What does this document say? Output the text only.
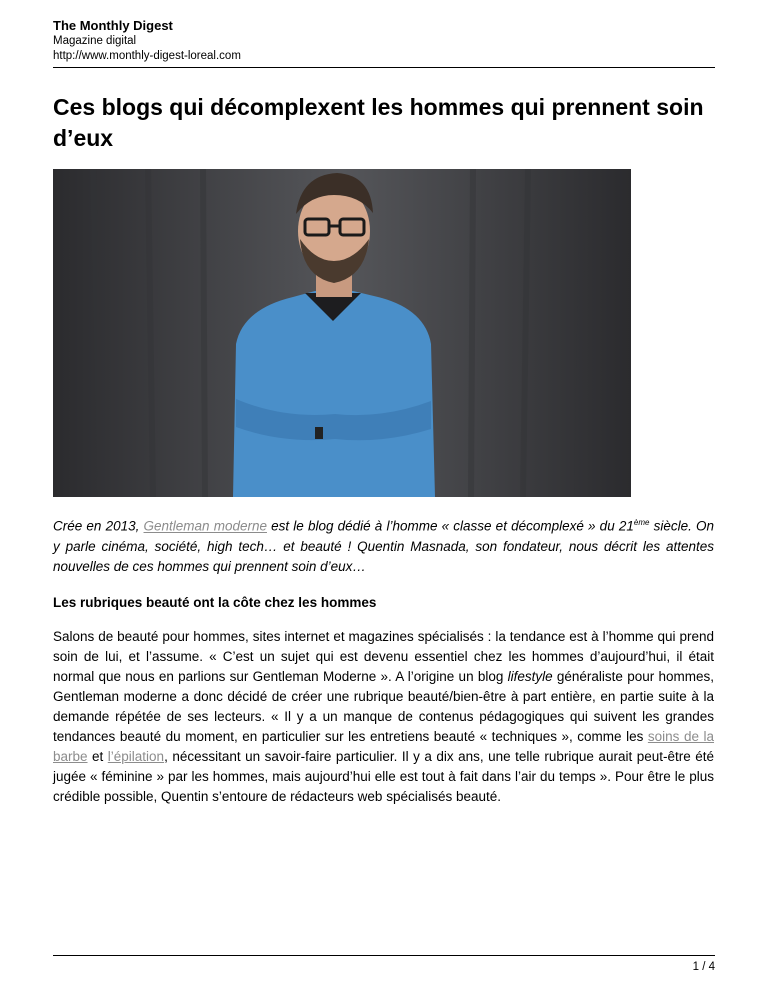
The Monthly Digest
Magazine digital
http://www.monthly-digest-loreal.com
Ces blogs qui décomplexent les hommes qui prennent soin d’eux

Crée en 2013, Gentleman moderne est le blog dédié à l’homme « classe et décomplexé » du 21ème siècle. On y parle cinéma, société, high tech… et beauté ! Quentin Masnada, son fondateur, nous décrit les attentes nouvelles de ces hommes qui prennent soin d’eux…

Les rubriques beauté ont la côte chez les hommes

Salons de beauté pour hommes, sites internet et magazines spécialisés : la tendance est à l’homme qui prend soin de lui, et l’assume. « C’est un sujet qui est devenu essentiel chez les hommes d’aujourd’hui, il était normal que nous en parlions sur Gentleman Moderne ». A l’origine un blog lifestyle généraliste pour hommes, Gentleman moderne a donc décidé de créer une rubrique beauté/bien-être à part entière, en partie suite à la demande répétée de ses lecteurs. « Il y a un manque de contenus pédagogiques qui suivent les grandes tendances beauté du moment, en particulier sur les entretiens beauté « techniques », comme les soins de la barbe et l’épilation, nécessitant un savoir-faire particulier. Il y a dix ans, une telle rubrique aurait peut-être été jugée « féminine » par les hommes, mais aujourd’hui elle est tout à fait dans l’air du temps ». Pour être le plus crédible possible, Quentin s’entoure de rédacteurs web spécialisés beauté.

1 / 4
